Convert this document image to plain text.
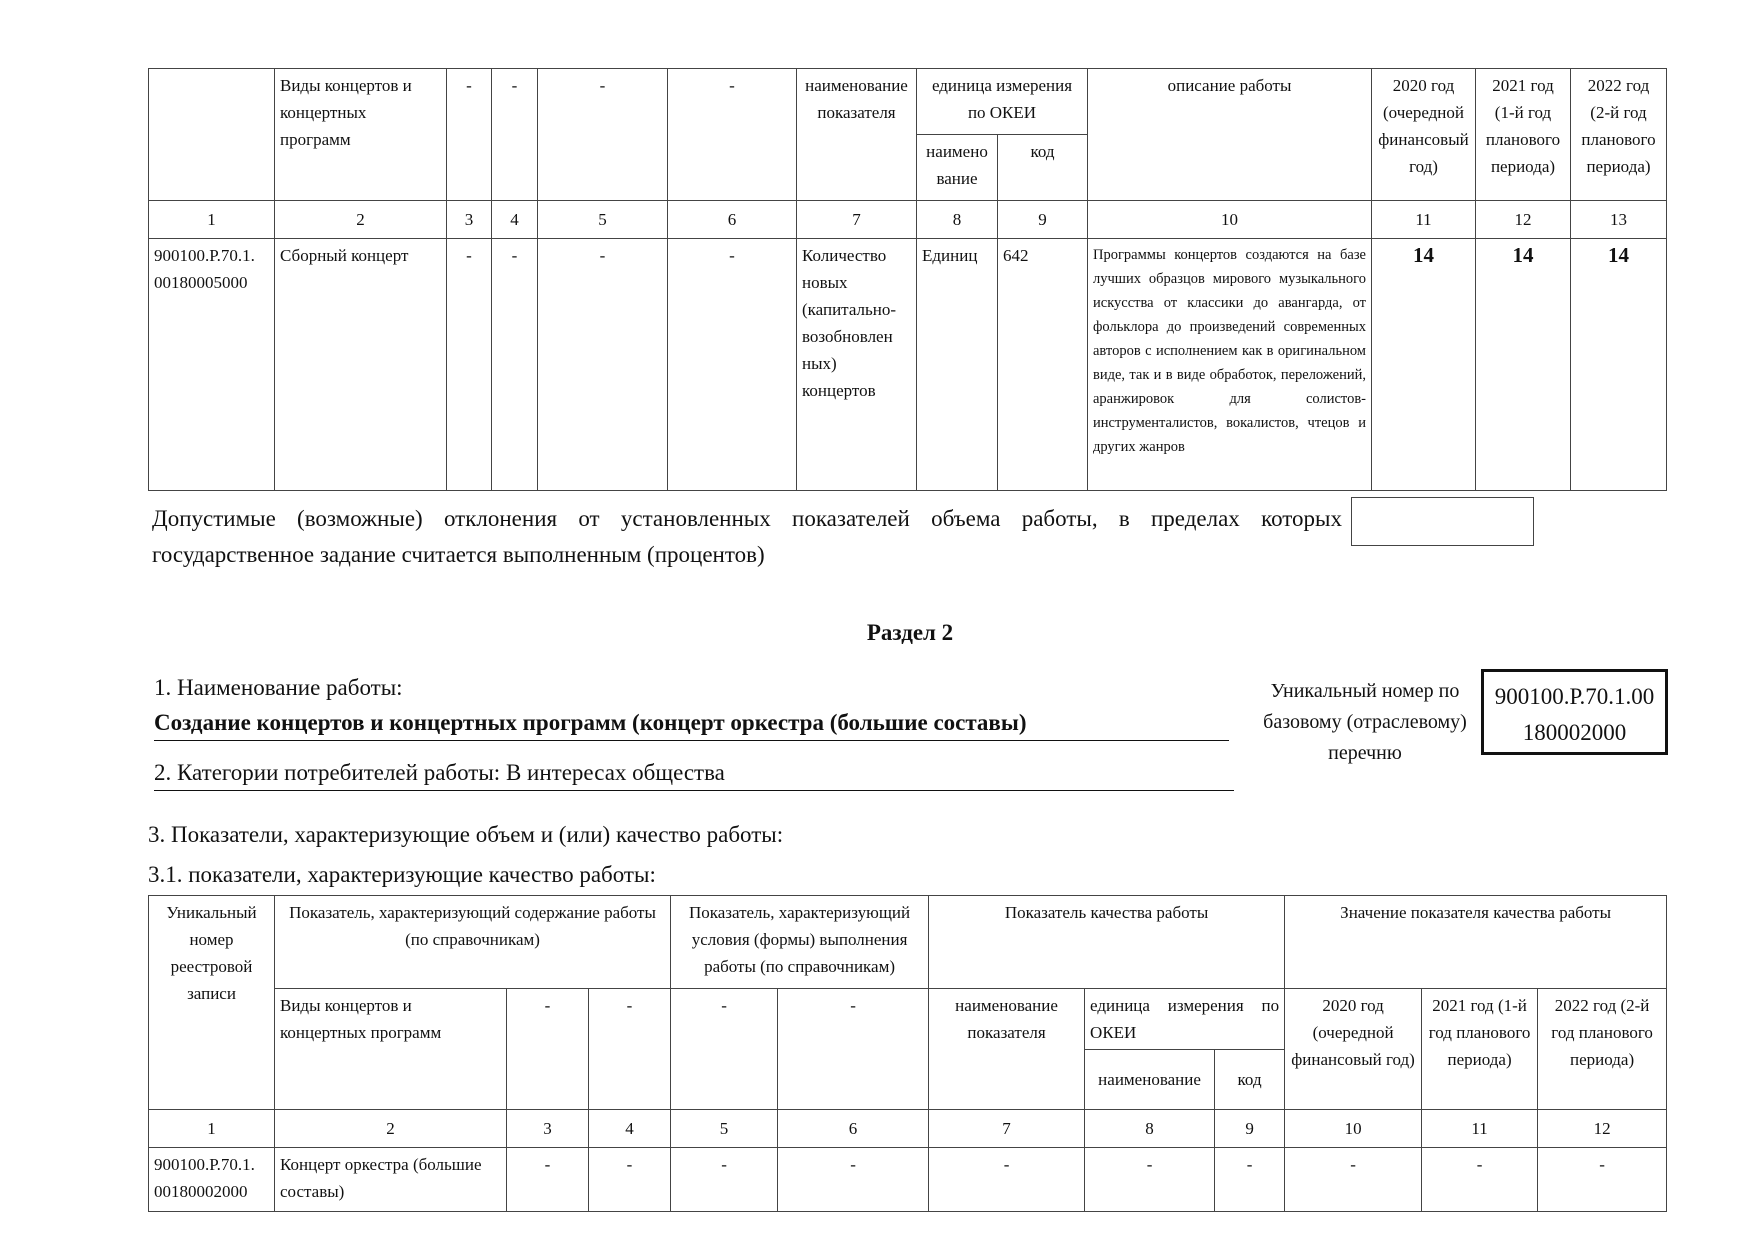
	Виды концертов и концертных программ	-	-	-	-	наименование показателя	единица измерения по ОКЕИ		описание работы	2020 год (очередной финансовый год)	2021 год (1-й год планового периода)	2022 год (2-й год планового периода)
							наимено вание	код				
1	2	3	4	5	6	7	8	9	10	11	12	13
900100.Р.70.1. 00180005000	Сборный концерт	-	-	-	-	Количество новых (капитально-возобновлен ных) концертов	Единиц	642	Программы концертов создаются на базе лучших образцов мирового музыкального искусства от классики до авангарда, от фольклора до произведений современных авторов с исполнением как в оригинальном виде, так и в виде обработок, переложений, аранжировок для солистов-инструменталистов, вокалистов, чтецов и других жанров	14	14	14
Допустимые (возможные) отклонения от установленных показателей объема работы, в пределах которых государственное задание считается выполненным (процентов)
Раздел 2
1. Наименование работы:
Создание концертов и концертных программ (концерт оркестра (большие составы)
2. Категории потребителей работы: В интересах общества
Уникальный номер по базовому (отраслевому) перечню
900100.Р.70.1.00 180002000
3. Показатели, характеризующие объем и (или) качество работы:
3.1. показатели, характеризующие качество работы:
Уникальный номер реестровой записи	Показатель, характеризующий содержание работы (по справочникам)			Показатель, характеризующий условия (формы) выполнения работы (по справочникам)		Показатель качества работы			Значение показателя качества работы		
	Виды концертов и концертных программ	-	-	-	-	наименование показателя	единица измерения по ОКЕИ		2020 год (очередной финансовый год)	2021 год (1-й год планового периода)	2022 год (2-й год планового периода)
							наименование	код			
1	2	3	4	5	6	7	8	9	10	11	12
900100.Р.70.1. 00180002000	Концерт оркестра (большие составы)	-	-	-	-	-	-	-	-	-	-
